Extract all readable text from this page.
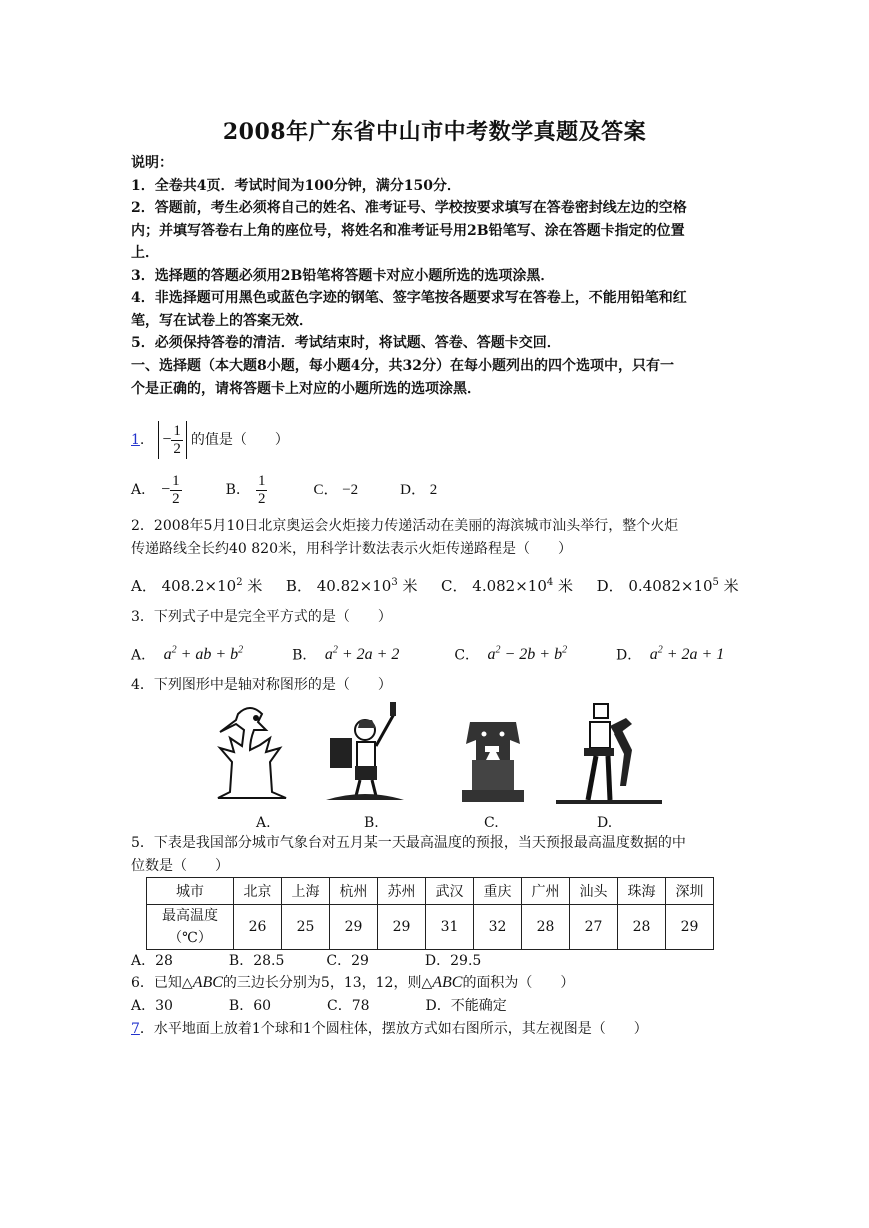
2008年广东省中山市中考数学真题及答案
说明：
1．全卷共4页．考试时间为100分钟，满分150分．
2．答题前，考生必须将自己的姓名、准考证号、学校按要求填写在答卷密封线左边的空格
内；并填写答卷右上角的座位号，将姓名和准考证号用2B铅笔写、涂在答题卡指定的位置
上．
3．选择题的答题必须用2B铅笔将答题卡对应小题所选的选项涂黑．
4．非选择题可用黑色或蓝色字迹的钢笔、签字笔按各题要求写在答卷上，不能用铅笔和红
笔，写在试卷上的答案无效．
5．必须保持答卷的清洁．考试结束时，将试题、答卷、答题卡交回．
一、选择题（本大题8小题，每小题4分，共32分）在每小题列出的四个选项中，只有一
个是正确的，请将答题卡上对应的小题所选的选项涂黑．
1 . − $\frac{1}{2}$ 的值是（　　）
A． − $\frac{1}{2}$	B． $\frac{1}{2}$	C． −2	D． 2
2．2008年5月10日北京奥运会火炬接力传递活动在美丽的海滨城市汕头举行，整个火炬
传递路线全长约40 820米，用科学计数法表示火炬传递路程是（　　）
A． $408.2\times 10^2$ 米 B． $40.82\times 10^3$ 米 C． $4.082\times 10^4$ 米 D． $0.4082\times 10^5$ 米
3．下列式子中是完全平方式的是（　　）
A．  $a^2$ + ab + $b^2$	B．  $a^2 + 2a + 2$	C．  $a^2 - 2b + b^2$	D．  $a^2 + 2a + 1$
4．下列图形中是轴对称图形的是（　　）
A.	B.	C.	D.
5．下表是我国部分城市气象台对五月某一天最高温度的预报，当天预报最高温度数据的中
位数是（　　）
城市	北京	上海	杭州	苏州	武汉	重庆	广州	汕头	珠海	深圳

最高温度
（℃）	26	25	29	29	31	32	28	27	28	29
A．28　　　　B．28.5　　　C．29　　　　D．29.5
6．已知△ABC的三边长分别为5，13，12，则△ABC的面积为（　　）
A．30　　　　B．60　　　　C．78　　　　D．不能确定
7．水平地面上放着1个球和1个圆柱体，摆放方式如右图所示，其左视图是（　　）
